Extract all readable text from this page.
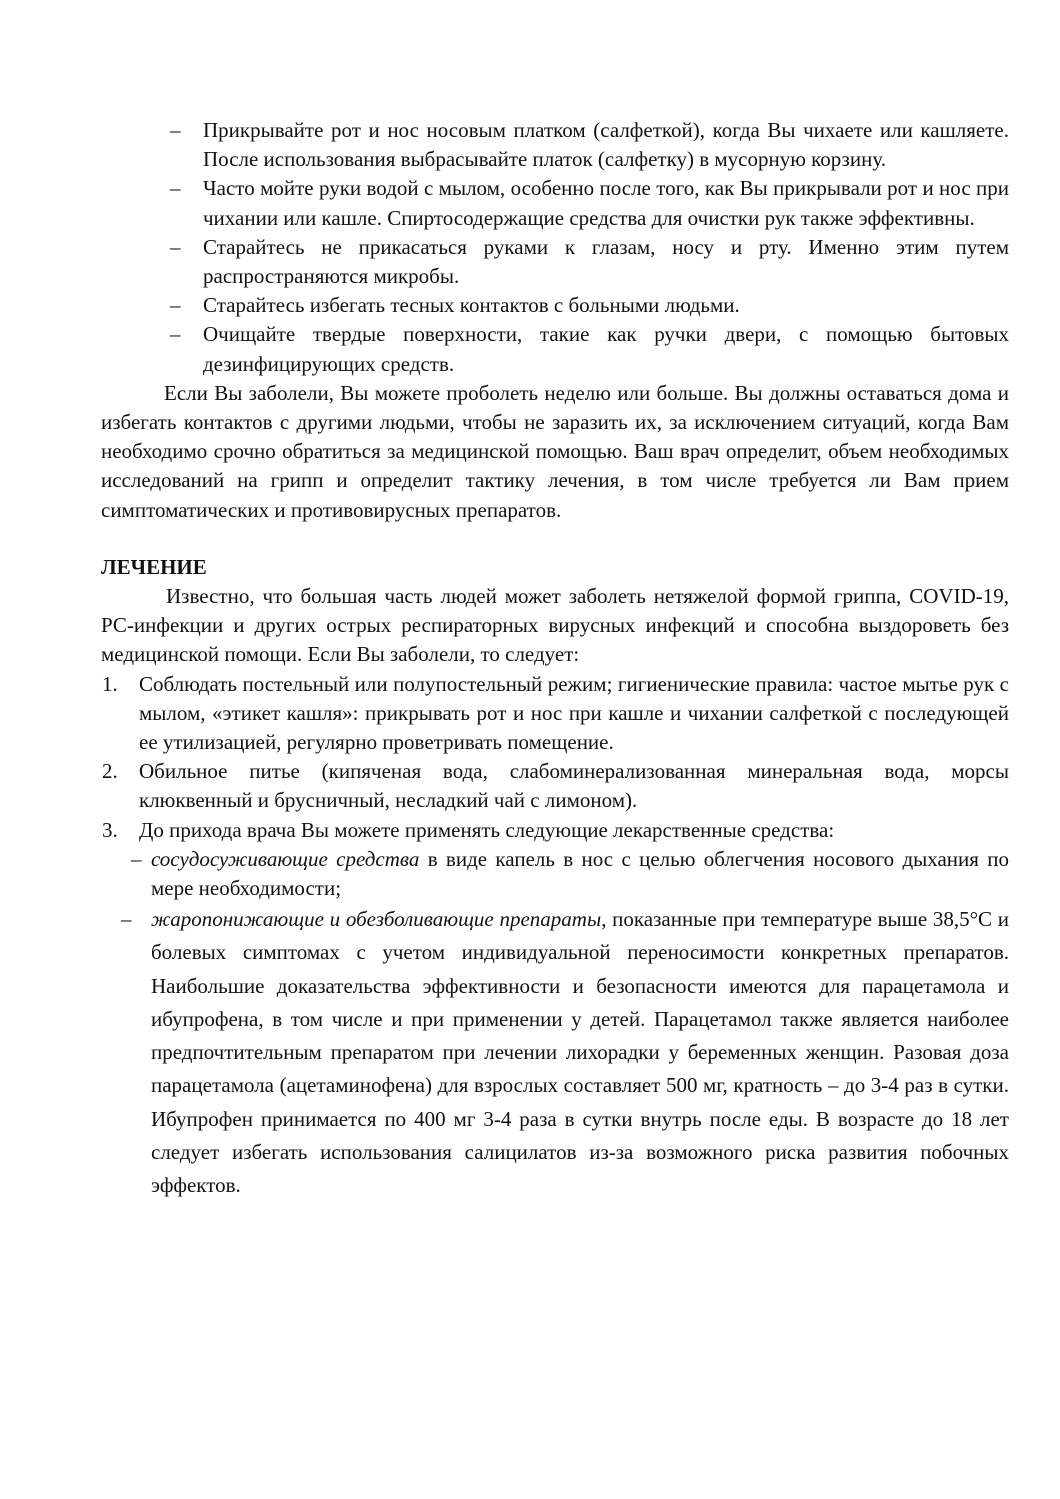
– Прикрывайте рот и нос носовым платком (салфеткой), когда Вы чихаете или кашляете. После использования выбрасывайте платок (салфетку) в мусорную корзину.

– Часто мойте руки водой с мылом, особенно после того, как Вы прикрывали рот и нос при чихании или кашле. Спиртосодержащие средства для очистки рук также эффективны.

– Старайтесь не прикасаться руками к глазам, носу и рту. Именно этим путем распространяются микробы.

– Старайтесь избегать тесных контактов с больными людьми.

– Очищайте твердые поверхности, такие как ручки двери, с помощью бытовых дезинфицирующих средств.

Если Вы заболели, Вы можете проболеть неделю или больше. Вы должны оставаться дома и избегать контактов с другими людьми, чтобы не заразить их, за исключением ситуаций, когда Вам необходимо срочно обратиться за медицинской помощью. Ваш врач определит, объем необходимых исследований на грипп и определит тактику лечения, в том числе требуется ли Вам прием симптоматических и противовирусных препаратов.

ЛЕЧЕНИЕ

Известно, что большая часть людей может заболеть нетяжелой формой гриппа, COVID-19, РС-инфекции и других острых респираторных вирусных инфекций и способна выздороветь без медицинской помощи. Если Вы заболели, то следует:

1. Соблюдать постельный или полупостельный режим; гигиенические правила: частое мытье рук с мылом, «этикет кашля»: прикрывать рот и нос при кашле и чихании салфеткой с последующей ее утилизацией, регулярно проветривать помещение.

2. Обильное питье (кипяченая вода, слабоминерализованная минеральная вода, морсы клюквенный и брусничный, несладкий чай с лимоном).

3. До прихода врача Вы можете применять следующие лекарственные средства:

– сосудосуживающие средства в виде капель в нос с целью облегчения носового дыхания по мере необходимости;

– жаропонижающие и обезболивающие препараты, показанные при температуре выше 38,5°С и болевых симптомах с учетом индивидуальной переносимости конкретных препаратов. Наибольшие доказательства эффективности и безопасности имеются для парацетамола и ибупрофена, в том числе и при применении у детей. Парацетамол также является наиболее предпочтительным препаратом при лечении лихорадки у беременных женщин. Разовая доза парацетамола (ацетаминофена) для взрослых составляет 500 мг, кратность – до 3-4 раз в сутки. Ибупрофен принимается по 400 мг 3-4 раза в сутки внутрь после еды. В возрасте до 18 лет следует избегать использования салицилатов из-за возможного риска развития побочных эффектов.
